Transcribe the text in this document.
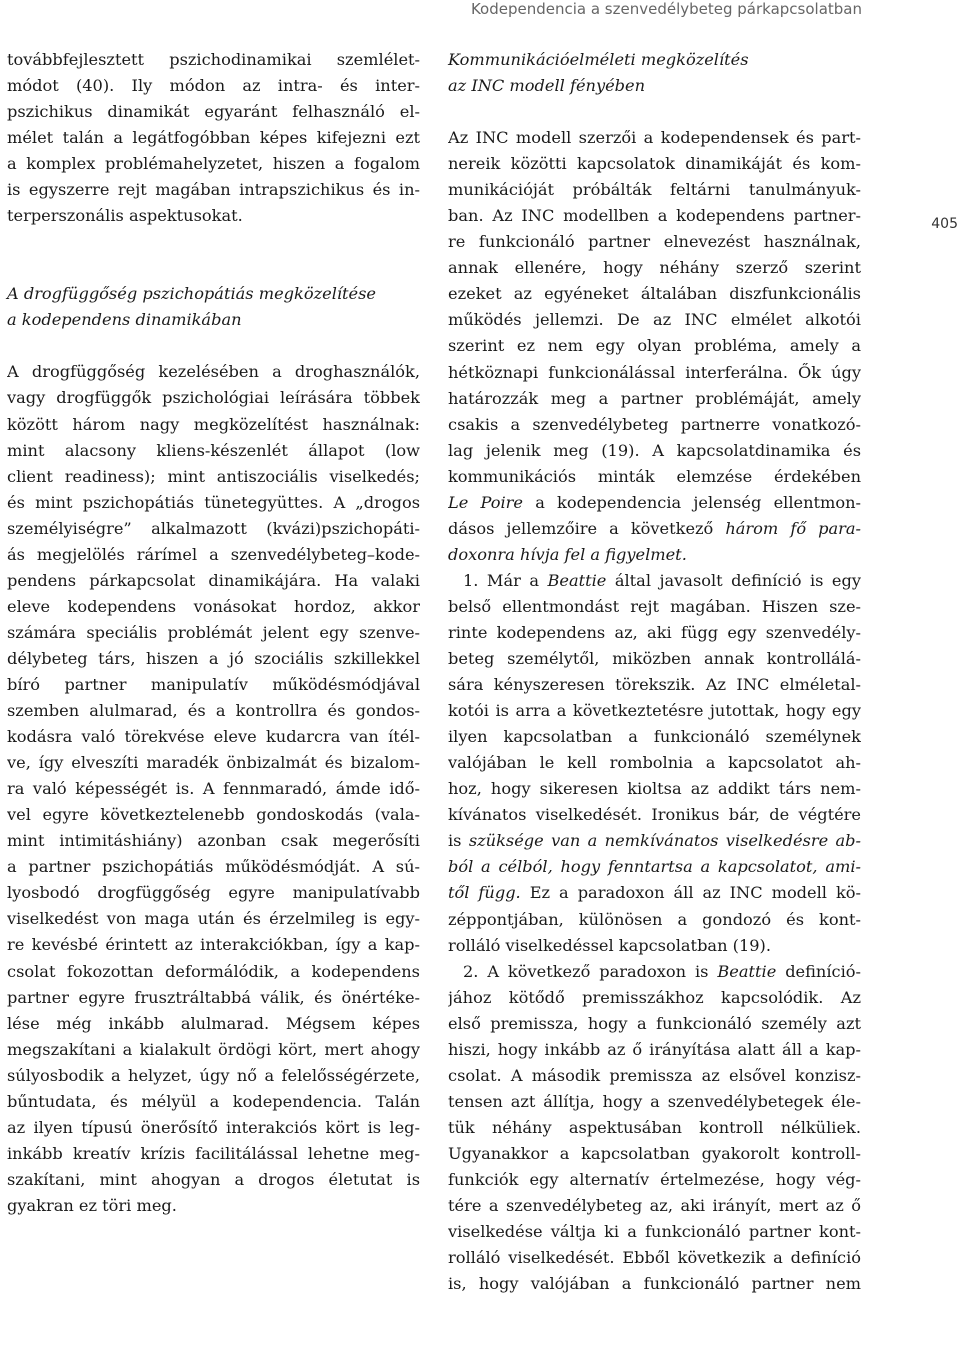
Kodependencia a szenvedélybeteg párkapcsolatban
405
továbbfejlesztett pszichodinamikai szemlélet-
módot (40). Ily módon az intra- és inter-
pszichikus dinamikát egyaránt felhasználó el-
mélet talán a legátfogóbban képes kifejezni ezt
a komplex problémahelyzetet, hiszen a fogalom
is egyszerre rejt magában intrapszichikus és in-
terperszonális aspektusokat.
A drogfüggőség pszichopátiás megközelítése
a kodependens dinamikában
A drogfüggőség kezelésében a droghasználók,
vagy drogfüggők pszichológiai leírására többek
között három nagy megközelítést használnak:
mint alacsony kliens-készenlét állapot (low
client readiness); mint antiszociális viselkedés;
és mint pszichopátiás tünetegyüttes. A „drogos
személyiségre” alkalmazott (kvázi)pszichopáti-
ás megjelölés rárímel a szenvedélybeteg–kode-
pendens párkapcsolat dinamikájára. Ha valaki
eleve kodependens vonásokat hordoz, akkor
számára speciális problémát jelent egy szenve-
délybeteg társ, hiszen a jó szociális szkillekkel
bíró partner manipulatív működésmódjával
szemben alulmarad, és a kontrollra és gondos-
kodásra való törekvése eleve kudarcra van ítél-
ve, így elveszíti maradék önbizalmát és bizalom-
ra való képességét is. A fennmaradó, ámde idő-
vel egyre következtelenebb gondoskodás (vala-
mint intimitáshiány) azonban csak megerősíti
a partner pszichopátiás működésmódját. A sú-
lyosbodó drogfüggőség egyre manipulatívabb
viselkedést von maga után és érzelmileg is egy-
re kevésbé érintett az interakciókban, így a kap-
csolat fokozottan deformálódik, a kodependens
partner egyre frusztráltabbá válik, és önértéke-
lése még inkább alulmarad. Mégsem képes
megszakítani a kialakult ördögi kört, mert ahogy
súlyosbodik a helyzet, úgy nő a felelősségérzete,
bűntudata, és mélyül a kodependencia. Talán
az ilyen típusú önerősítő interakciós kört is leg-
inkább kreatív krízis facilitálással lehetne meg-
szakítani, mint ahogyan a drogos életutat is
gyakran ez töri meg.
Kommunikációelméleti megközelítés
az INC modell fényében
Az INC modell szerzői a kodependensek és part-
nereik közötti kapcsolatok dinamikáját és kom-
munikációját próbálták feltárni tanulmányuk-
ban. Az INC modellben a kodependens partner-
re funkcionáló partner elnevezést használnak,
annak ellenére, hogy néhány szerző szerint
ezeket az egyéneket általában diszfunkcionális
működés jellemzi. De az INC elmélet alkotói
szerint ez nem egy olyan probléma, amely a
hétköznapi funkcionálással interferálna. Ők úgy
határozzák meg a partner problémáját, amely
csakis a szenvedélybeteg partnerre vonatkozó-
lag jelenik meg (19). A kapcsolatdinamika és
kommunikációs minták elemzése érdekében
Le Poire a kodependencia jelenség ellentmon-
dásos jellemzőire a következő három fő para-
doxonra hívja fel a figyelmet.
1. Már a Beattie által javasolt definíció is egy
belső ellentmondást rejt magában. Hiszen sze-
rinte kodependens az, aki függ egy szenvedély-
beteg személytől, miközben annak kontrollálá-
sára kényszeresen törekszik. Az INC elméletal-
kotói is arra a következtetésre jutottak, hogy egy
ilyen kapcsolatban a funkcionáló személynek
valójában le kell rombolnia a kapcsolatot ah-
hoz, hogy sikeresen kioltsa az addikt társ nem-
kívánatos viselkedését. Ironikus bár, de végtére
is szüksége van a nemkívánatos viselkedésre ab-
ból a célból, hogy fenntartsa a kapcsolatot, ami-
től függ. Ez a paradoxon áll az INC modell kö-
zéppontjában, különösen a gondozó és kont-
rolláló viselkedéssel kapcsolatban (19).
2. A következő paradoxon is Beattie definíció-
jához kötődő premisszákhoz kapcsolódik. Az
első premissza, hogy a funkcionáló személy azt
hiszi, hogy inkább az ő irányítása alatt áll a kap-
csolat. A második premissza az elsővel konzisz-
tensen azt állítja, hogy a szenvedélybetegek éle-
tük néhány aspektusában kontroll nélküliek.
Ugyanakkor a kapcsolatban gyakorolt kontroll-
funkciók egy alternatív értelmezése, hogy vég-
tére a szenvedélybeteg az, aki irányít, mert az ő
viselkedése váltja ki a funkcionáló partner kont-
rolláló viselkedését. Ebből következik a definíció
is, hogy valójában a funkcionáló partner nem
